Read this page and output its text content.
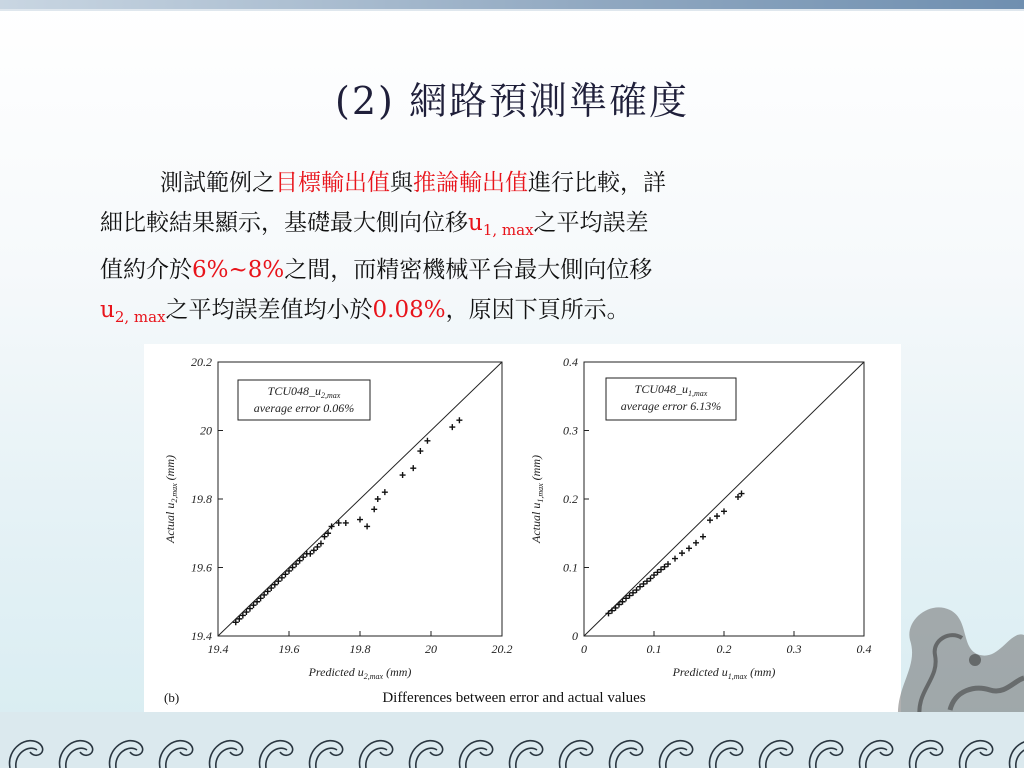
(2) 網路預測準確度
測試範例之目標輸出值與推論輸出值進行比較，詳
細比較結果顯示，基礎最大側向位移$u_{1, max}$之平均誤差
值約介於6%~8%之間，而精密機械平台最大側向位移
$u_{2, max}$之平均誤差值均小於0.08%，原因下頁所示。
(b)	Differences between error and actual values
19.4	19.6	19.8	20	20.2
19.4
19.6
19.8
20
20.2
Predicted $u_{2,max}$ (mm)
Actual $u_{2,max}$ (mm)
$TCU048\_u_{2,max}$
average error 0.06%
0	0.1	0.2	0.3	0.4
0
0.1
0.2
0.3
0.4
Predicted $u_{1,max}$ (mm)
Actual $u_{1,max}$ (mm)
$TCU048\_u_{1,max}$
average error 6.13%
